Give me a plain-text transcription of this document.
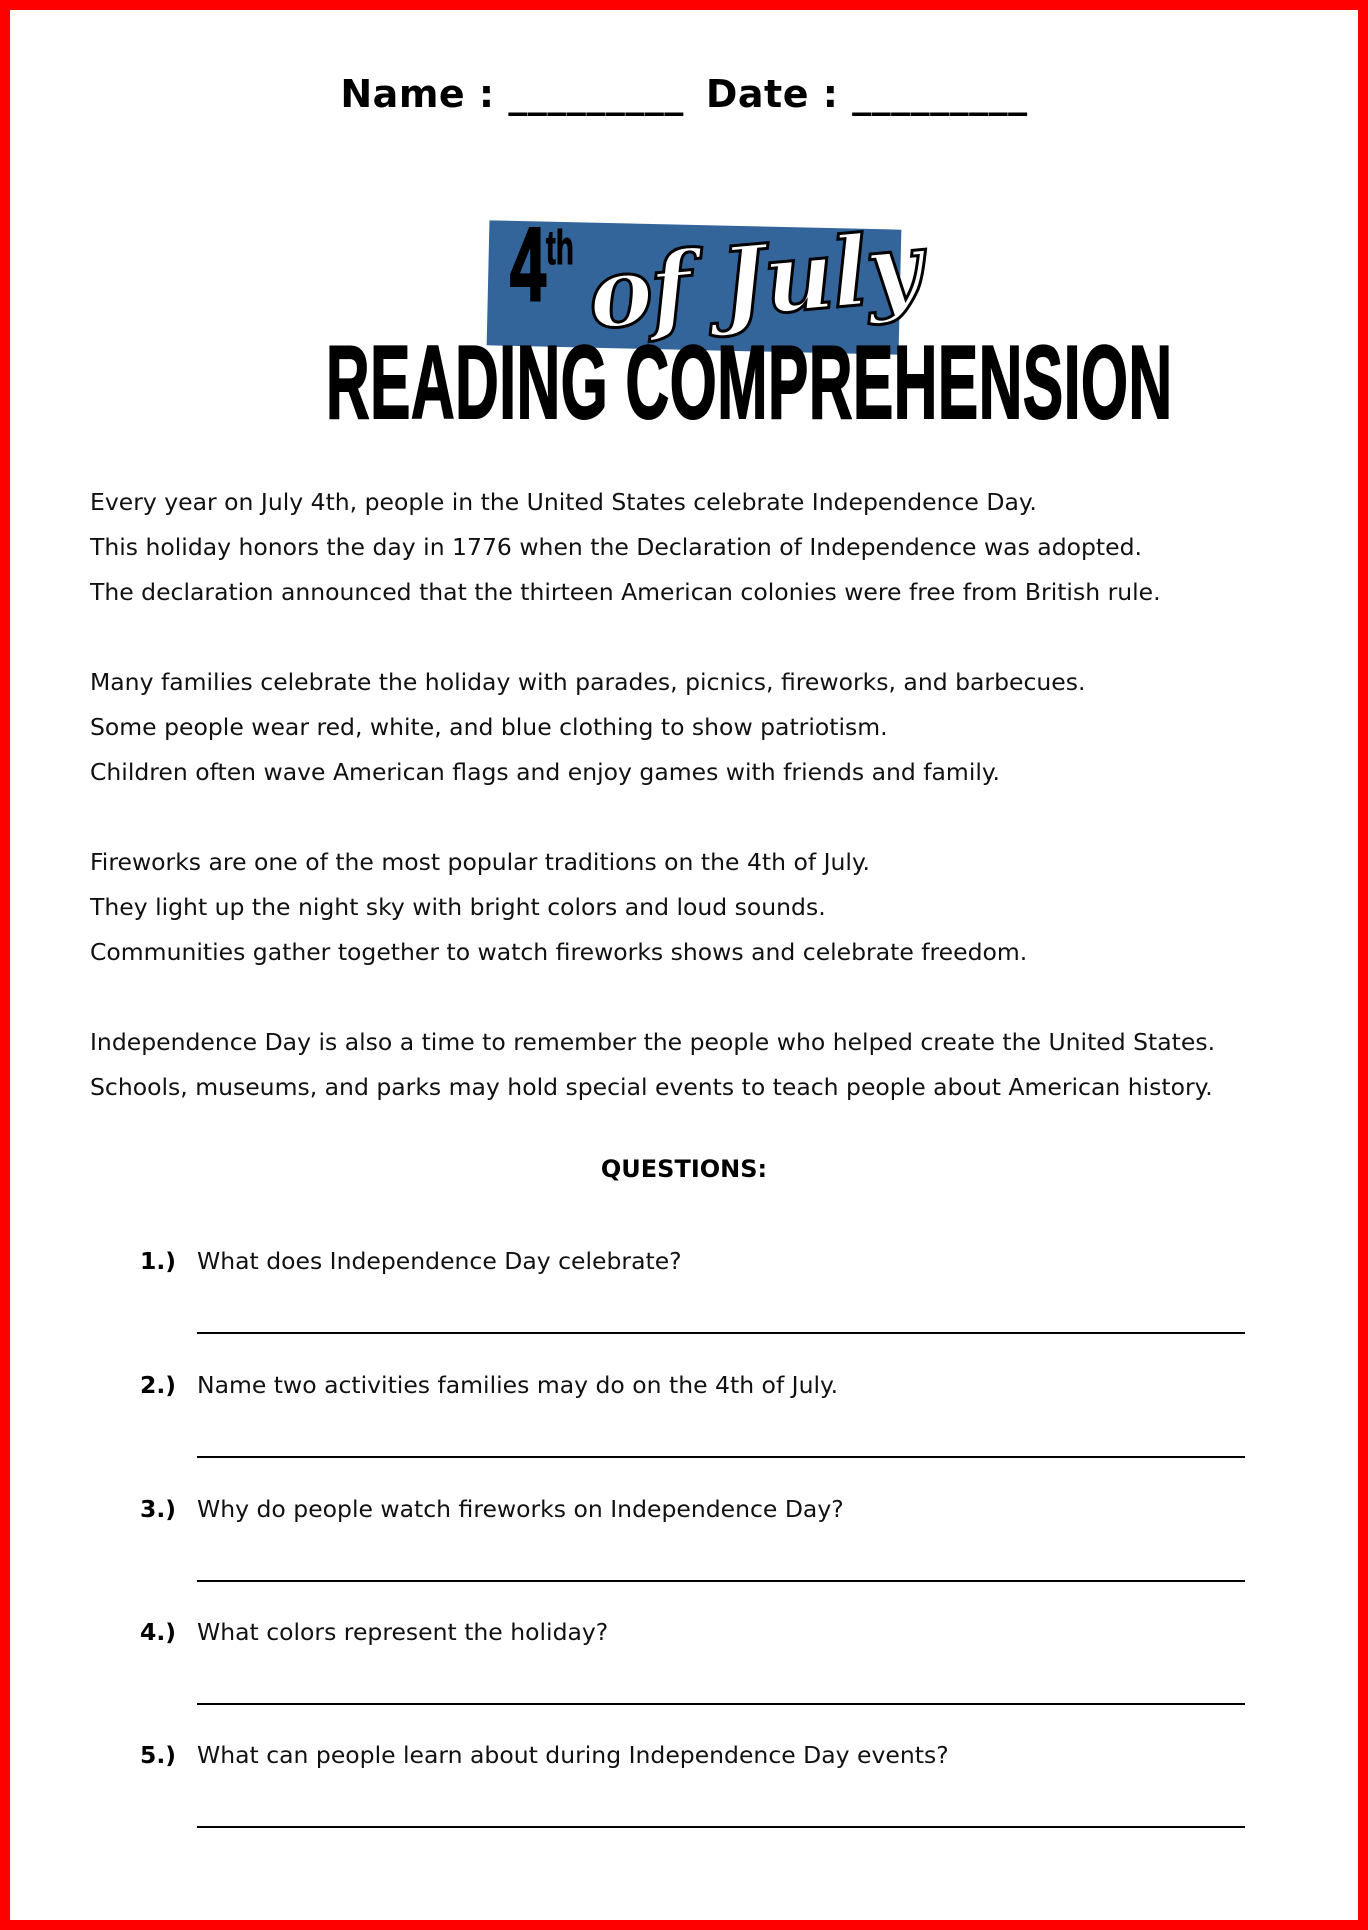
Name : _________ Date : _________
4th of July
READING COMPREHENSION
Every year on July 4th, people in the United States celebrate Independence Day.
This holiday honors the day in 1776 when the Declaration of Independence was adopted.
The declaration announced that the thirteen American colonies were free from British rule.
Many families celebrate the holiday with parades, picnics, fireworks, and barbecues.
Some people wear red, white, and blue clothing to show patriotism.
Children often wave American flags and enjoy games with friends and family.
Fireworks are one of the most popular traditions on the 4th of July.
They light up the night sky with bright colors and loud sounds.
Communities gather together to watch fireworks shows and celebrate freedom.
Independence Day is also a time to remember the people who helped create the United States.
Schools, museums, and parks may hold special events to teach people about American history.
QUESTIONS:
1.) What does Independence Day celebrate?
2.) Name two activities families may do on the 4th of July.
3.) Why do people watch fireworks on Independence Day?
4.) What colors represent the holiday?
5.) What can people learn about during Independence Day events?
